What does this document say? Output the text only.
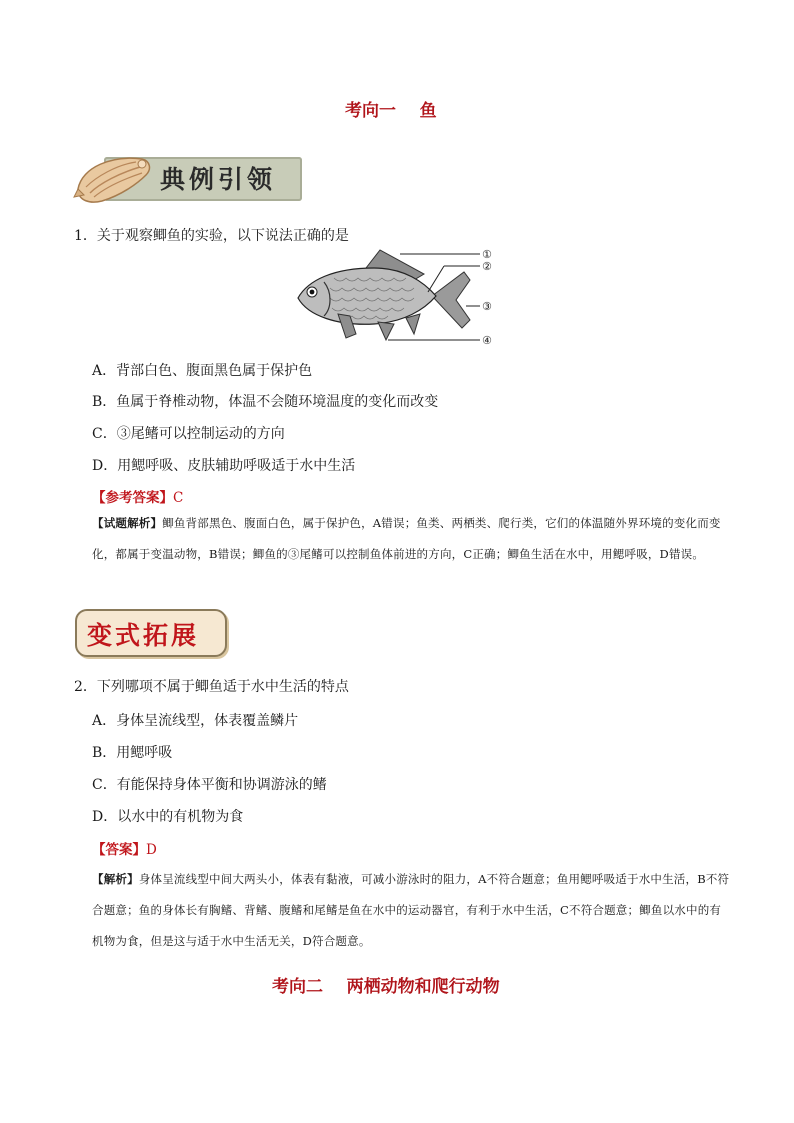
考向一    鱼
典例引领
1．关于观察鲫鱼的实验，以下说法正确的是
①
②
③
④
A．背部白色、腹面黑色属于保护色
B．鱼属于脊椎动物，体温不会随环境温度的变化而改变
C．③尾鳍可以控制运动的方向
D．用鳃呼吸、皮肤辅助呼吸适于水中生活
【参考答案】C
【试题解析】鲫鱼背部黑色、腹面白色，属于保护色，A错误；鱼类、两栖类、爬行类，它们的体温随外界环境的变化而变化，都属于变温动物，B错误；鲫鱼的③尾鳍可以控制鱼体前进的方向，C正确；鲫鱼生活在水中，用鳃呼吸，D错误。
变式拓展
2．下列哪项不属于鲫鱼适于水中生活的特点
A．身体呈流线型，体表覆盖鳞片
B．用鳃呼吸
C．有能保持身体平衡和协调游泳的鳍
D．以水中的有机物为食
【答案】D
【解析】身体呈流线型中间大两头小，体表有黏液，可减小游泳时的阻力，A不符合题意；鱼用鳃呼吸适于水中生活，B不符合题意；鱼的身体长有胸鳍、背鳍、腹鳍和尾鳍是鱼在水中的运动器官，有利于水中生活，C不符合题意；鲫鱼以水中的有机物为食，但是这与适于水中生活无关，D符合题意。
考向二    两栖动物和爬行动物
